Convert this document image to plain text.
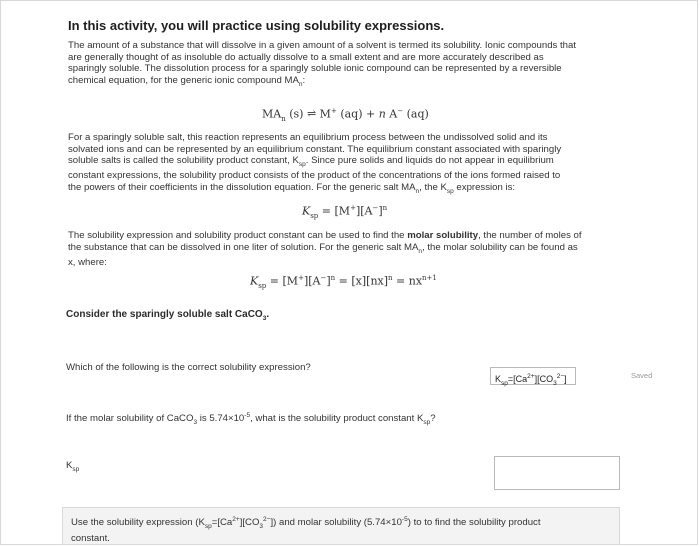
In this activity, you will practice using solubility expressions.
The amount of a substance that will dissolve in a given amount of a solvent is termed its solubility. Ionic compounds that
are generally thought of as insoluble do actually dissolve to a small extent and are more accurately described as
sparingly soluble. The dissolution process for a sparingly soluble ionic compound can be represented by a reversible
chemical equation, for the generic ionic compound $MA_n$:
$MA_n$ (s) ⇌ M+ (aq) + n A− (aq)
For a sparingly soluble salt, this reaction represents an equilibrium process between the undissolved solid and its
solvated ions and can be represented by an equilibrium constant. The equilibrium constant associated with sparingly
soluble salts is called the solubility product constant, $K_{sp}$. Since pure solids and liquids do not appear in equilibrium
constant expressions, the solubility product consists of the product of the concentrations of the ions formed raised to
the powers of their coefficients in the dissolution equation. For the generic salt $MA_n$, the $K_{sp}$ expression is:
$K_{sp} = [M^+][A^-]^n$
The solubility expression and solubility product constant can be used to find the molar solubility, the number of moles of
the substance that can be dissolved in one liter of solution. For the generic salt $MA_n$, the molar solubility can be found as
x, where:
$K_{sp} = [M^+][A^-]^n = [x][nx]^n = nx^{n+1}$
Consider the sparingly soluble salt CaCO$_3$.
Which of the following is the correct solubility expression?
$K_{sp}=[Ca^{2+}][CO_3^{2-}]$	Saved
If the molar solubility of CaCO$_3$ is $5.74\times 10^{-5}$, what is the solubility product constant $K_{sp}$?
$K_{sp}$
Use the solubility expression $(K_{sp}=[Ca^{2+}][CO_3^{2-}])$ and molar solubility $(5.74\times 10^{-5})$ to to find the solubility product
constant.
